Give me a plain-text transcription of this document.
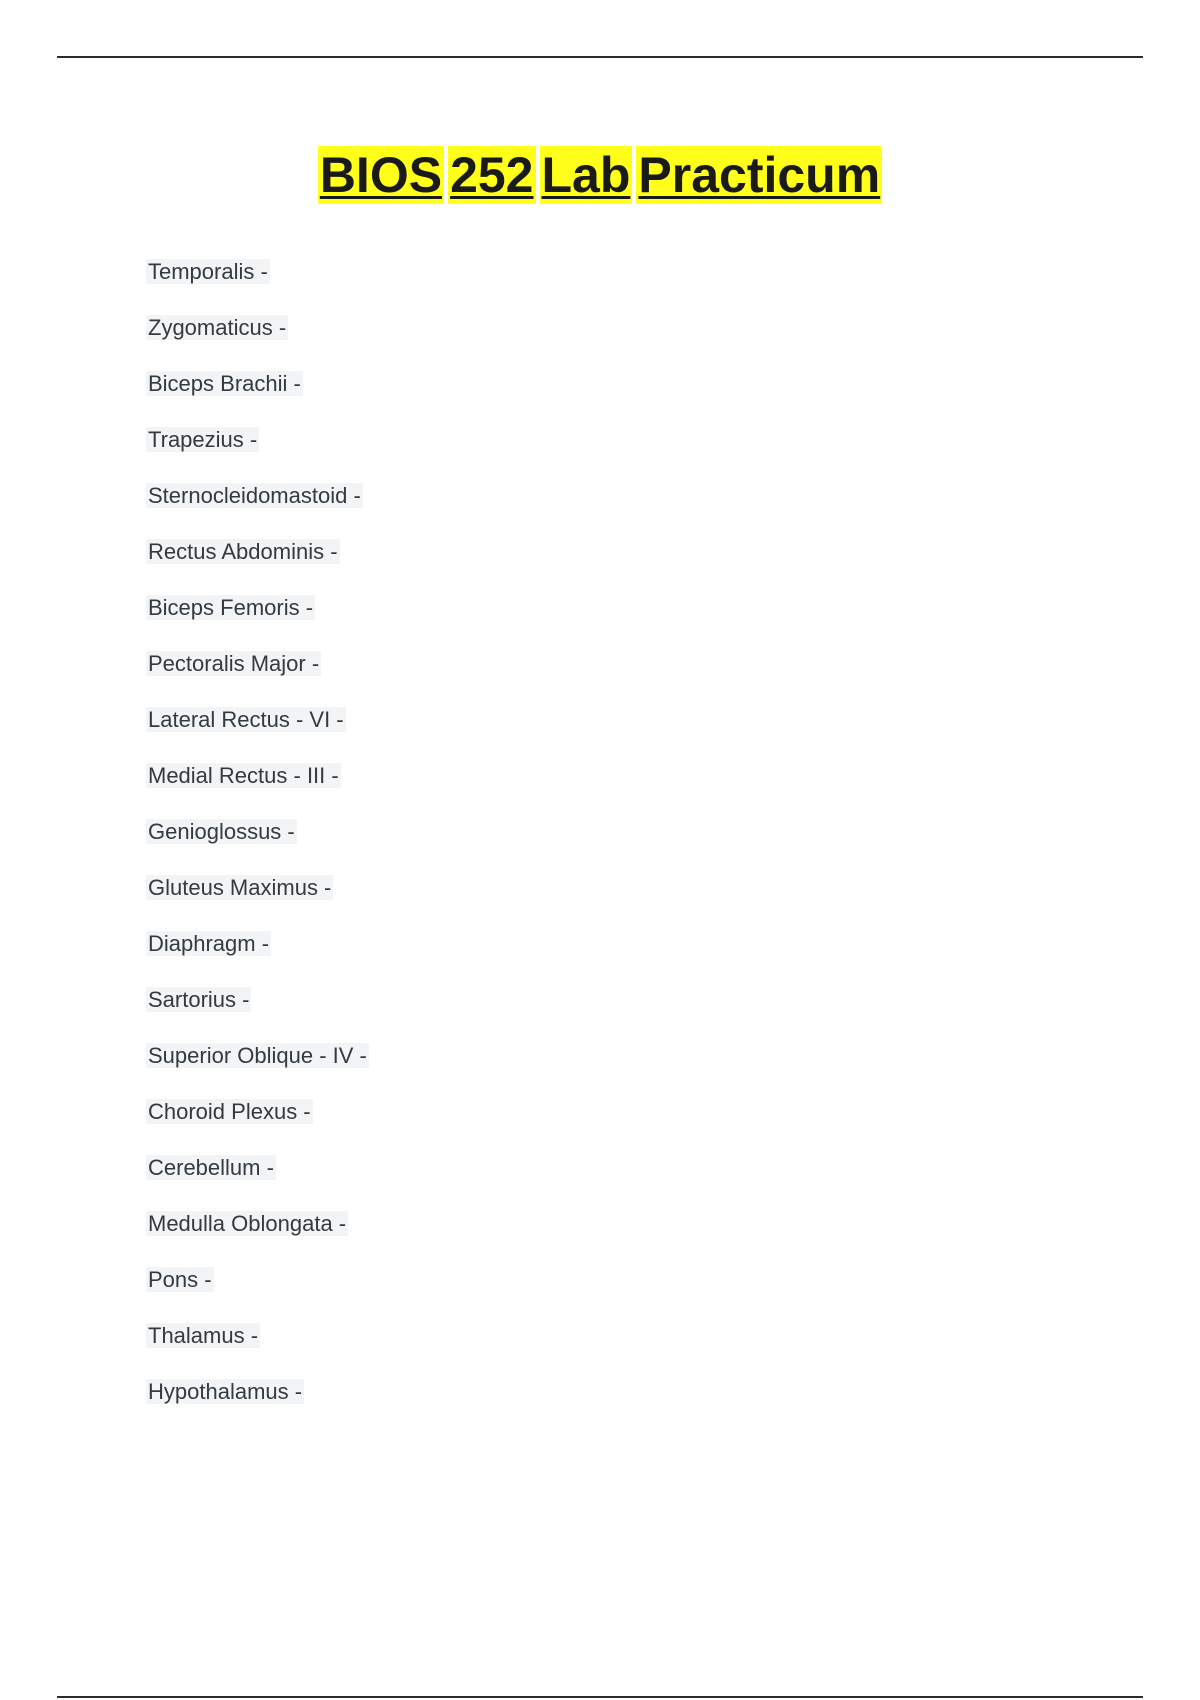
BIOS 252 Lab Practicum
Temporalis -
Zygomaticus -
Biceps Brachii -
Trapezius -
Sternocleidomastoid -
Rectus Abdominis -
Biceps Femoris -
Pectoralis Major -
Lateral Rectus - VI -
Medial Rectus - III -
Genioglossus -
Gluteus Maximus -
Diaphragm -
Sartorius -
Superior Oblique - IV -
Choroid Plexus -
Cerebellum -
Medulla Oblongata -
Pons -
Thalamus -
Hypothalamus -
